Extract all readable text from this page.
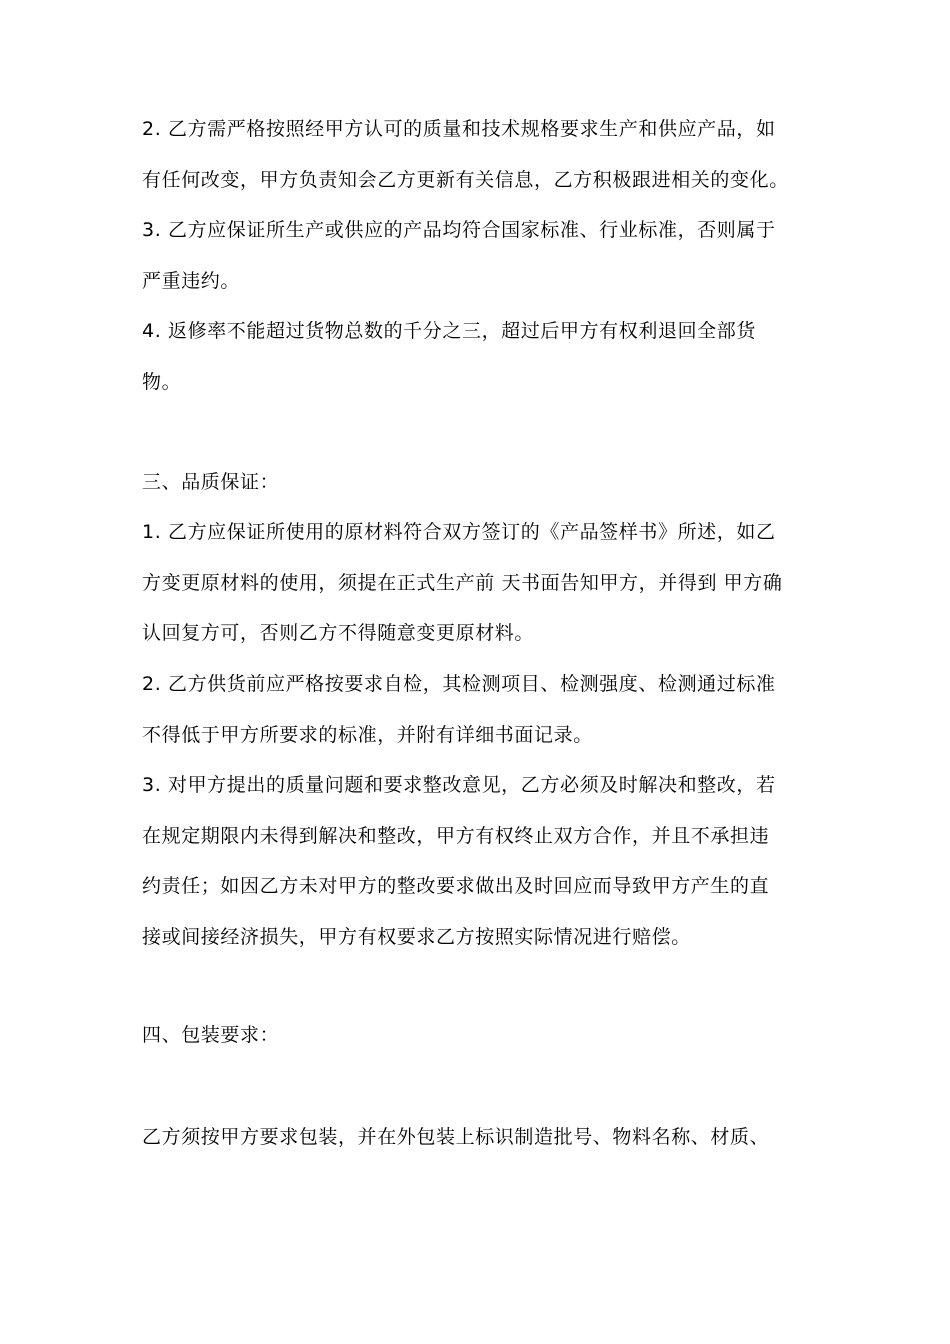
2. 乙方需严格按照经甲方认可的质量和技术规格要求生产和供应产品，如
有任何改变，甲方负责知会乙方更新有关信息，乙方积极跟进相关的变化。
3. 乙方应保证所生产或供应的产品均符合国家标准、行业标准，否则属于
严重违约。
4. 返修率不能超过货物总数的千分之三，超过后甲方有权利退回全部货
物。
三、品质保证：
1. 乙方应保证所使用的原材料符合双方签订的《产品签样书》所述，如乙
方变更原材料的使用，须提在正式生产前 天书面告知甲方，并得到 甲方确
认回复方可，否则乙方不得随意变更原材料。
2. 乙方供货前应严格按要求自检，其检测项目、检测强度、检测通过标准
不得低于甲方所要求的标准，并附有详细书面记录。
3. 对甲方提出的质量问题和要求整改意见，乙方必须及时解决和整改，若
在规定期限内未得到解决和整改，甲方有权终止双方合作，并且不承担违
约责任；如因乙方未对甲方的整改要求做出及时回应而导致甲方产生的直
接或间接经济损失，甲方有权要求乙方按照实际情况进行赔偿。
四、包装要求：
乙方须按甲方要求包装，并在外包装上标识制造批号、物料名称、材质、
